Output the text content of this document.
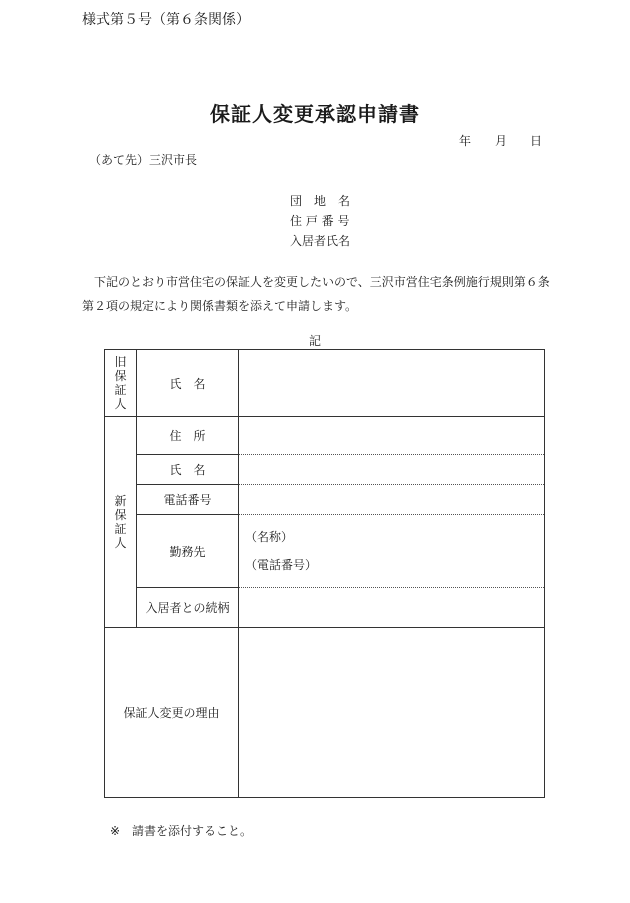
様式第５号（第６条関係）
保証人変更承認申請書
年 月 日
（あて先）三沢市長
団　地　名
住 戸 番 号
入居者氏名
下記のとおり市営住宅の保証人を変更したいので、三沢市営住宅条例施行規則第６条第２項の規定により関係書類を添えて申請します。
記
旧
保
証
人	氏　名	

新
保
証
人	住　所	
	氏　名	
	電話番号	
	勤務先	（名称）
（電話番号）

	入居者との続柄	
保証人変更の理由		
※　請書を添付すること。
